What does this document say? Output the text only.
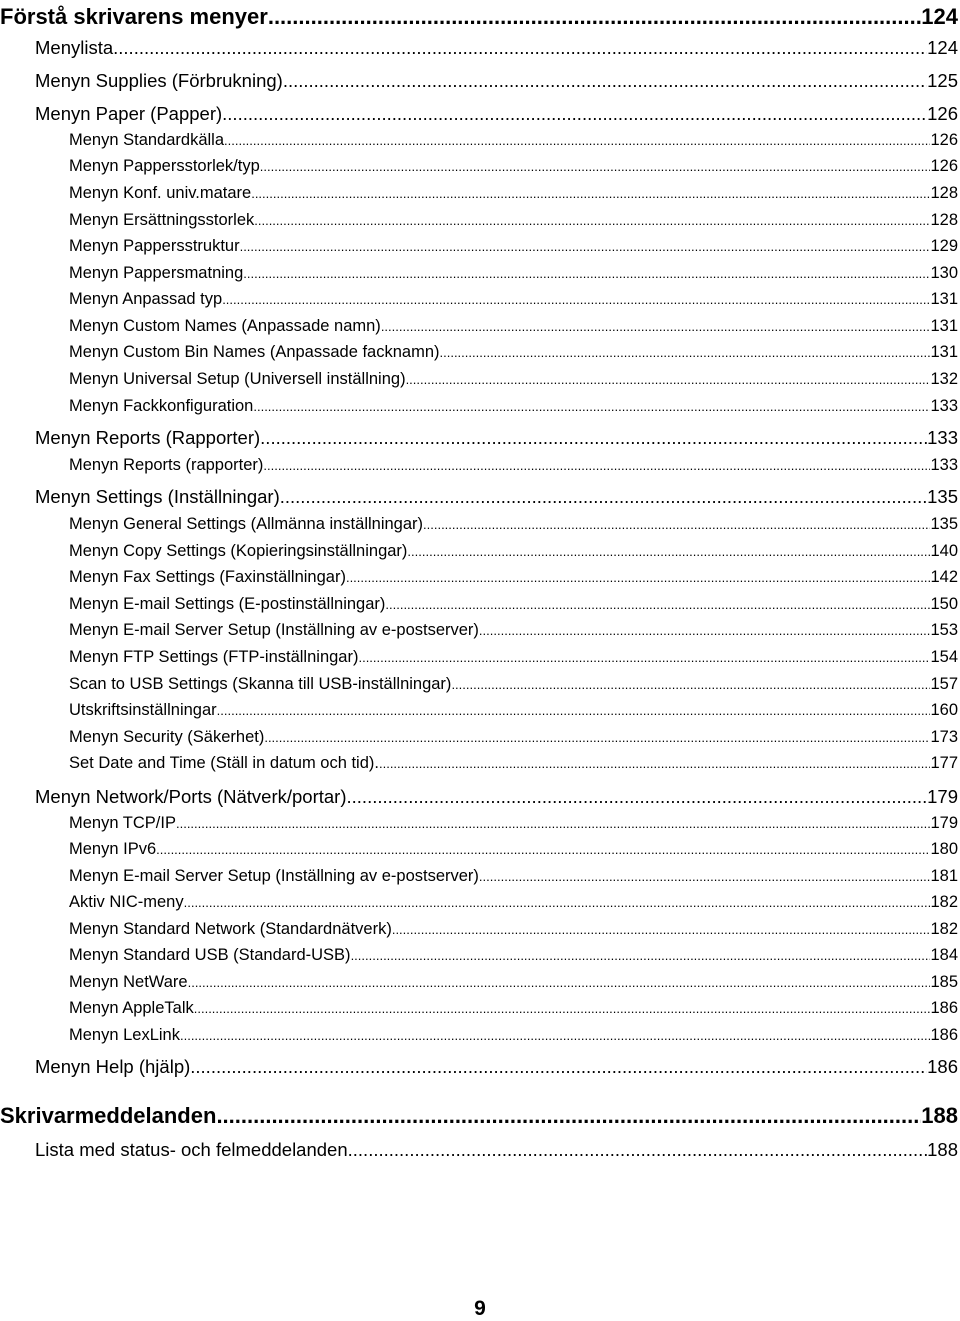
Förstå skrivarens menyer .....	124
Menylista .....	124
Menyn Supplies (Förbrukning) .....	125
Menyn Paper (Papper) .....	126
Menyn Standardkälla .....	126
Menyn Pappersstorlek/typ .....	126
Menyn Konf. univ.matare .....	128
Menyn Ersättningsstorlek .....	128
Menyn Pappersstruktur .....	129
Menyn Pappersmatning .....	130
Menyn Anpassad typ .....	131
Menyn Custom Names (Anpassade namn) .....	131
Menyn Custom Bin Names (Anpassade facknamn) .....	131
Menyn Universal Setup (Universell inställning) .....	132
Menyn Fackkonfiguration .....	133
Menyn Reports (Rapporter) .....	133
Menyn Reports (rapporter) .....	133
Menyn Settings (Inställningar) .....	135
Menyn General Settings (Allmänna inställningar) .....	135
Menyn Copy Settings (Kopieringsinställningar) .....	140
Menyn Fax Settings (Faxinställningar) .....	142
Menyn E-mail Settings (E-postinställningar) .....	150
Menyn E-mail Server Setup (Inställning av e-postserver) .....	153
Menyn FTP Settings (FTP-inställningar) .....	154
Scan to USB Settings (Skanna till USB-inställningar) .....	157
Utskriftsinställningar .....	160
Menyn Security (Säkerhet) .....	173
Set Date and Time (Ställ in datum och tid). .....	177
Menyn Network/Ports (Nätverk/portar) .....	179
Menyn TCP/IP .....	179
Menyn IPv6 .....	180
Menyn E-mail Server Setup (Inställning av e-postserver) .....	181
Aktiv NIC-meny .....	182
Menyn Standard Network (Standardnätverk) .....	182
Menyn Standard USB (Standard-USB) .....	184
Menyn NetWare .....	185
Menyn AppleTalk .....	186
Menyn LexLink .....	186
Menyn Help (hjälp) .....	186
Skrivarmeddelanden .....	188
Lista med status- och felmeddelanden .....	188
9
